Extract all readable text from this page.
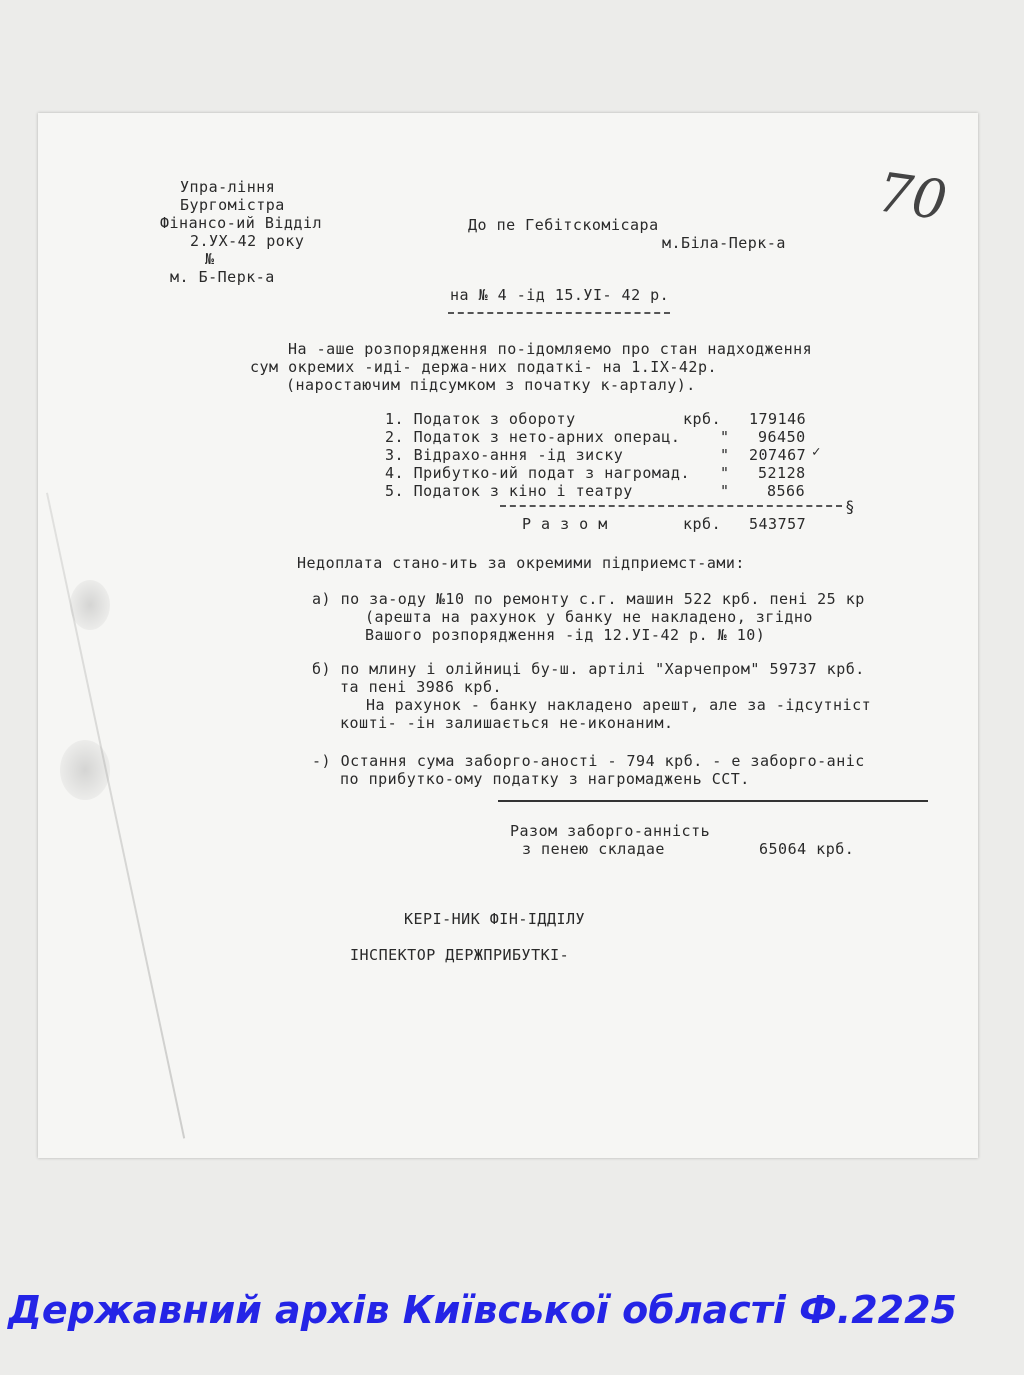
Упра-лiння
Бургомiстра
Фiнансо-ий Вiддiл
2.УХ-42 року
№
м. Б-Перк-а
До пе Гебiтскомiсара
м.Бiла-Перк-а
70
на № 4 -iд 15.УI- 42 р.
На -аше розпорядження по-iдомляемо про стан надходження
сум окремих -идi- держа-них податкi- на 1.IХ-42р.
(наростаючим пiдсумком з початку к-арталу).
1. Податок з обороту	крб. 179146
2. Податок з нето-арних операц.	" 96450
3. Вiдрахо-ання -iд зиску	" 207467
4. Прибутко-ий подат з нагромад. " 52128
5. Податок з кiно i театру	" 8566
✓
§
Р а з о м	крб. 543757
Недоплата стано-ить за окремими пiдприемст-ами:
а) по за-оду №10 по ремонту с.г. машин 522 крб. пенi 25 кр
(арешта на рахунок у банку не накладено, згiдно
Вашого розпорядження -iд 12.УI-42 р. № 10)
б) по млину i олiйницi бу-ш. артiлi "Харчепром" 59737 крб.
та пенi 3986 крб.
На рахунок - банку накладено арешт, але за -iдсутнiст
коштi- -iн залишається не-иконаним.
-) Остання сума заборго-аностi - 794 крб. - е заборго-анiс
по прибутко-ому податку з нагромаджень ССТ.
Разом заборго-аннiсть
з пенею складае	65064 крб.
КЕРI-НИК ФIН-IДДIЛУ
IНСПЕКТОР ДЕРЖПРИБУТКI-
Державний архів Київської області Ф.2225
